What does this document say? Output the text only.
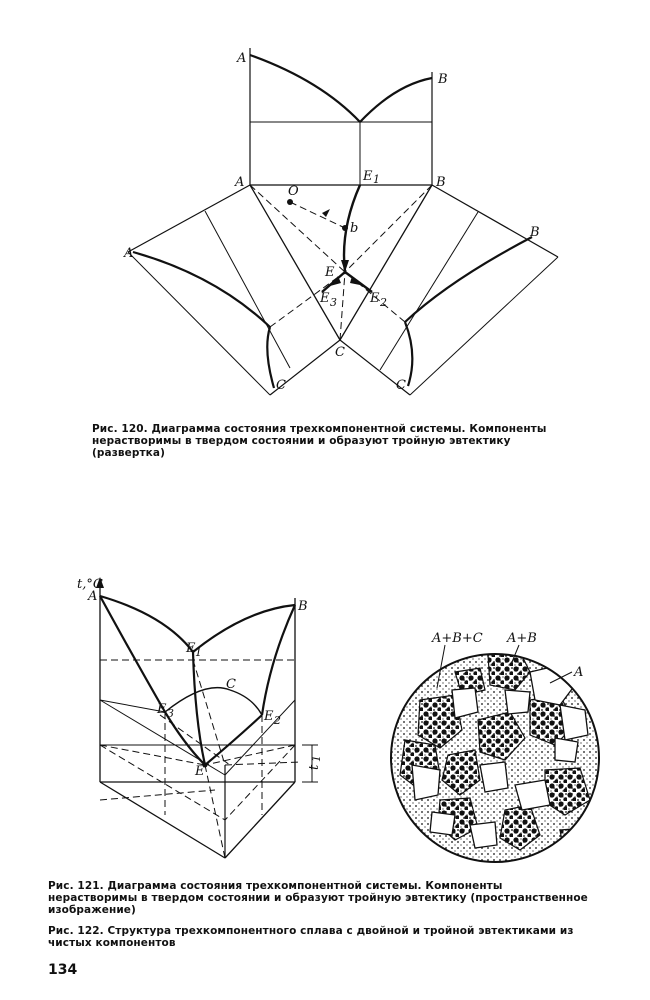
A
B
A	B
E 1
O
b
A
B
E
E 3	E 2
C
C	C
t,°C
A
B
E 1
C
E 3	E 2
E	t
1
A+B+C A+B
A
Рис. 120. Диаграмма состояния трехкомпонентной системы. Компоненты нерастворимы в твердом состоянии и образуют тройную эвтектику (развертка)
Рис. 121. Диаграмма состояния трехкомпонентной системы. Компоненты нерастворимы в твердом состоянии и образуют тройную эвтектику (пространственное изображение)
Рис. 122. Структура трехкомпонентного сплава с двойной и тройной эвтектиками из чистых компонентов
134
